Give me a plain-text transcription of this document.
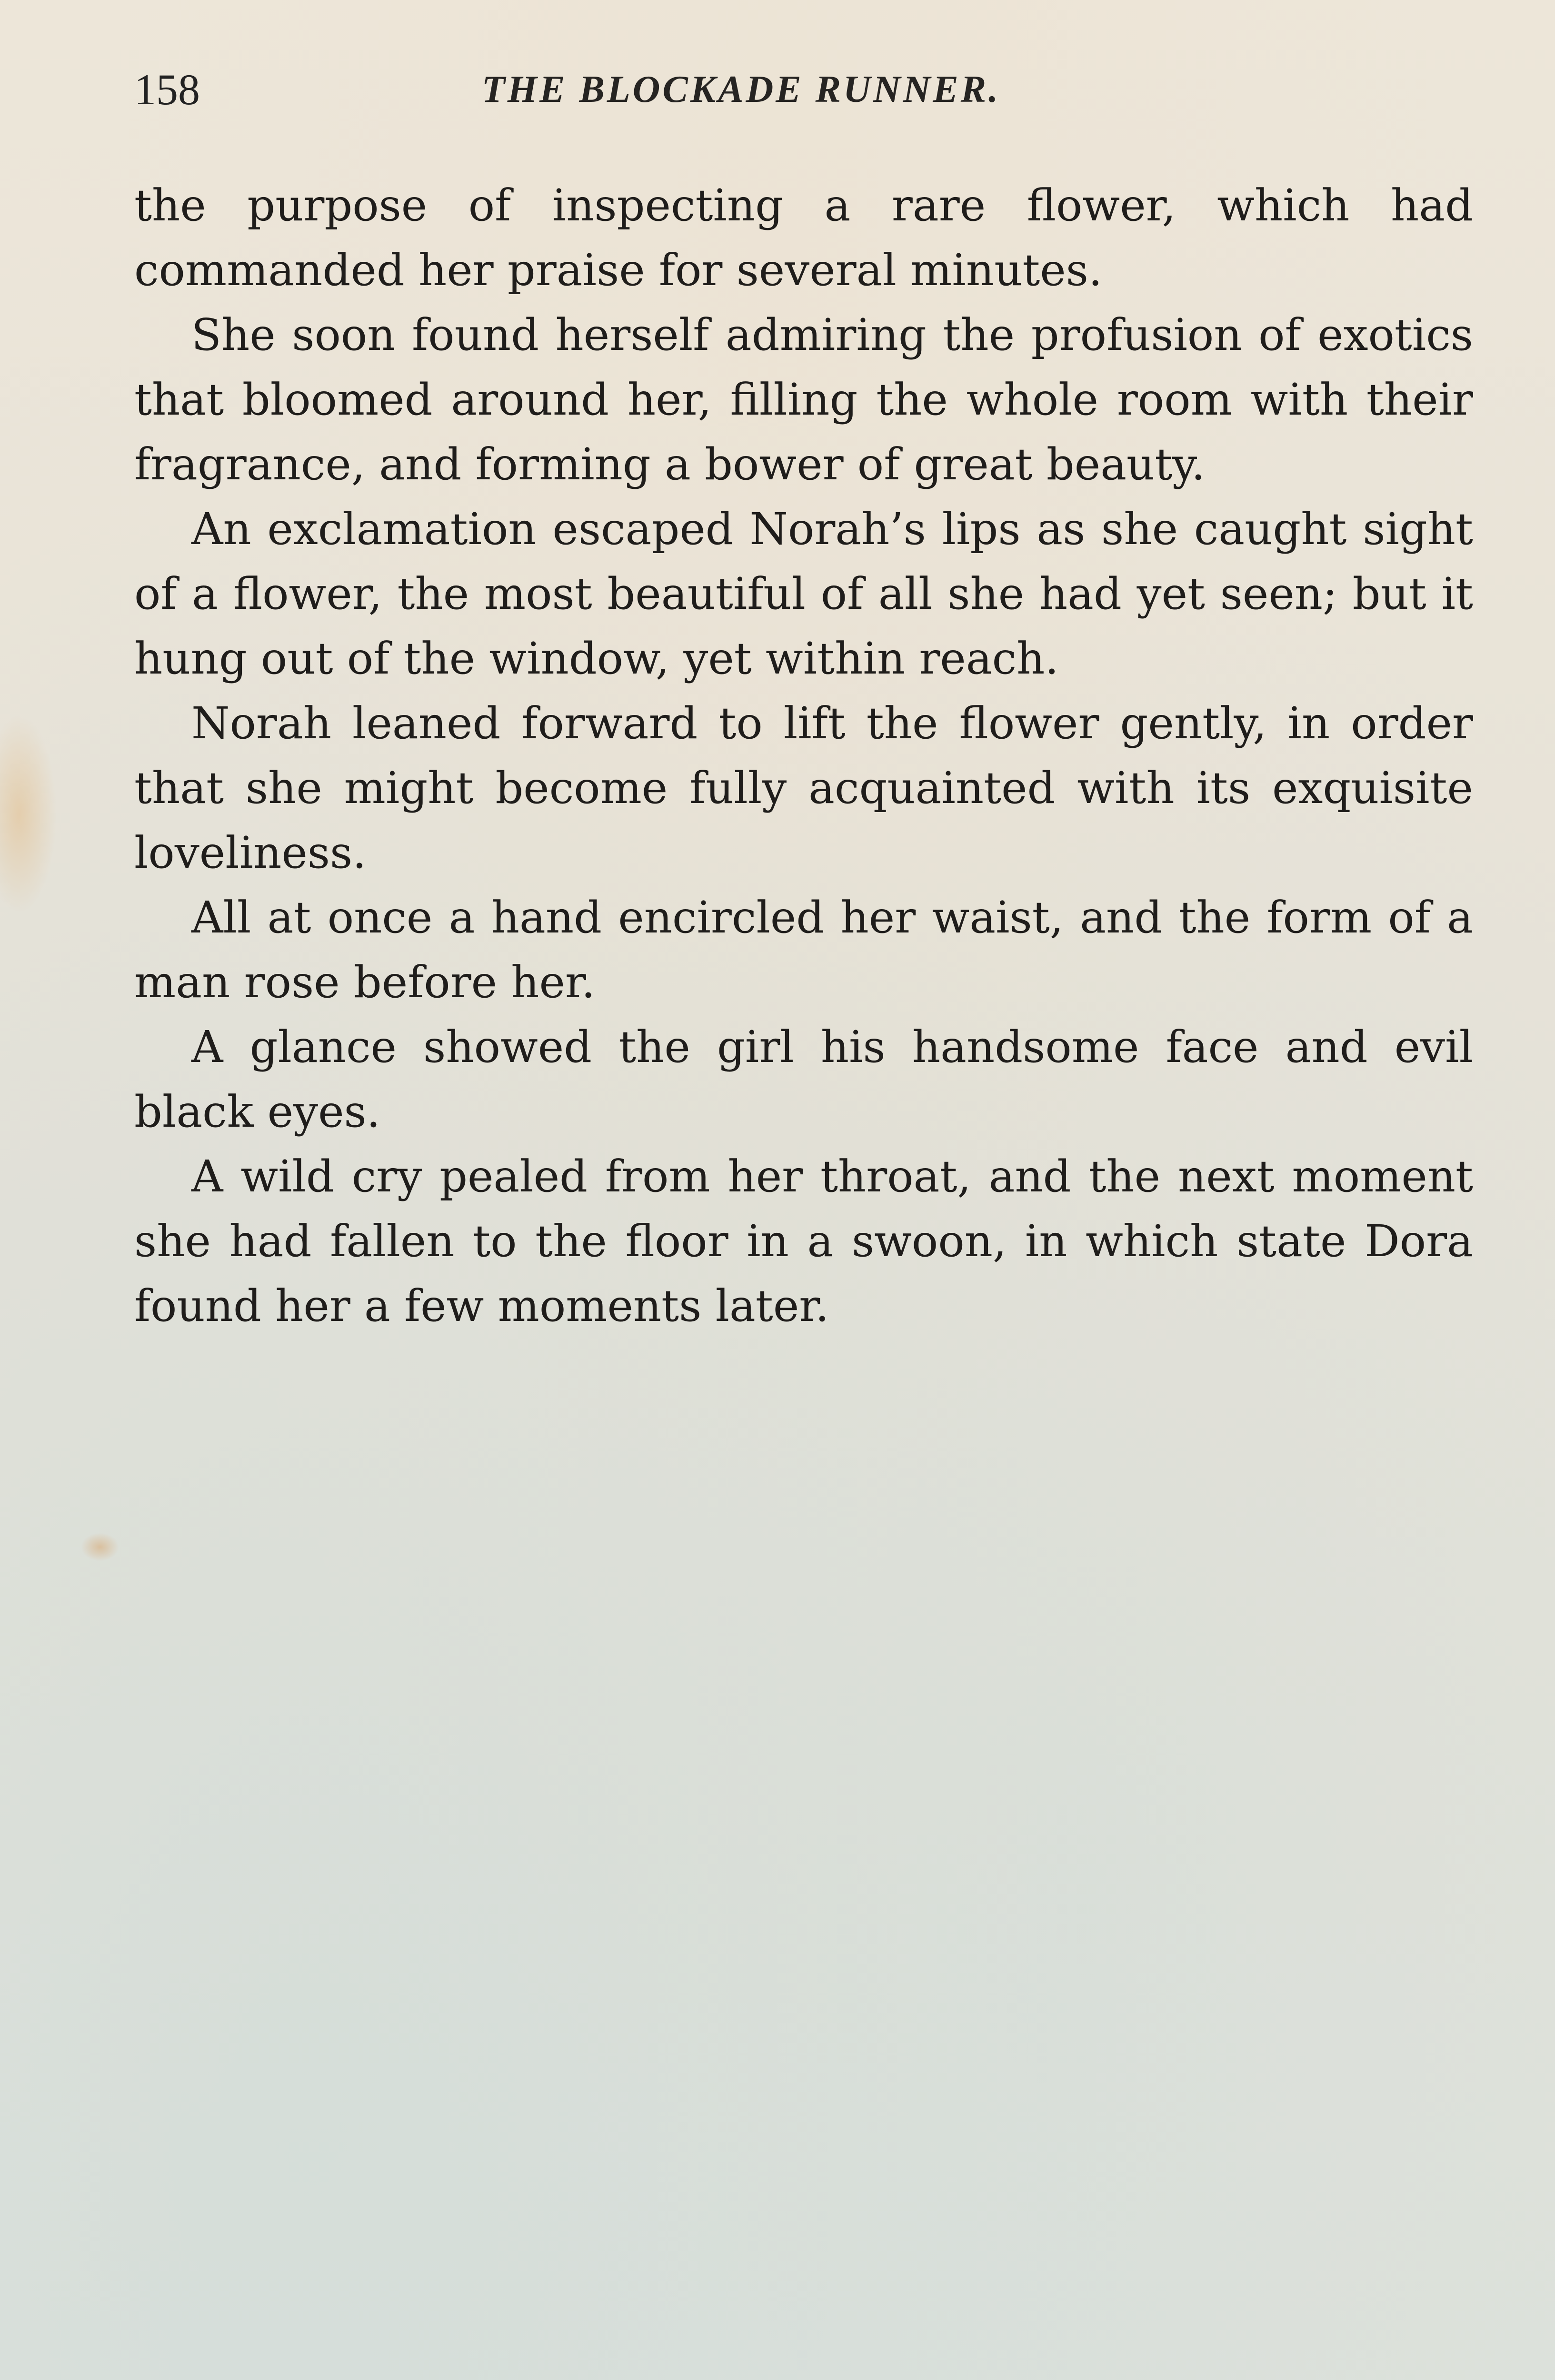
158	THE BLOCKADE RUNNER.

the purpose of inspecting a rare flower, which had commanded her praise for several minutes.

She soon found herself admiring the profusion of exotics that bloomed around her, filling the whole room with their fragrance, and forming a bower of great beauty.

An exclamation escaped Norah’s lips as she caught sight of a flower, the most beautiful of all she had yet seen; but it hung out of the window, yet within reach.

Norah leaned forward to lift the flower gently, in order that she might become fully acquainted with its exquisite loveliness.

All at once a hand encircled her waist, and the form of a man rose before her.

A glance showed the girl his handsome face and evil black eyes.

A wild cry pealed from her throat, and the next moment she had fallen to the floor in a swoon, in which state Dora found her a few moments later.
